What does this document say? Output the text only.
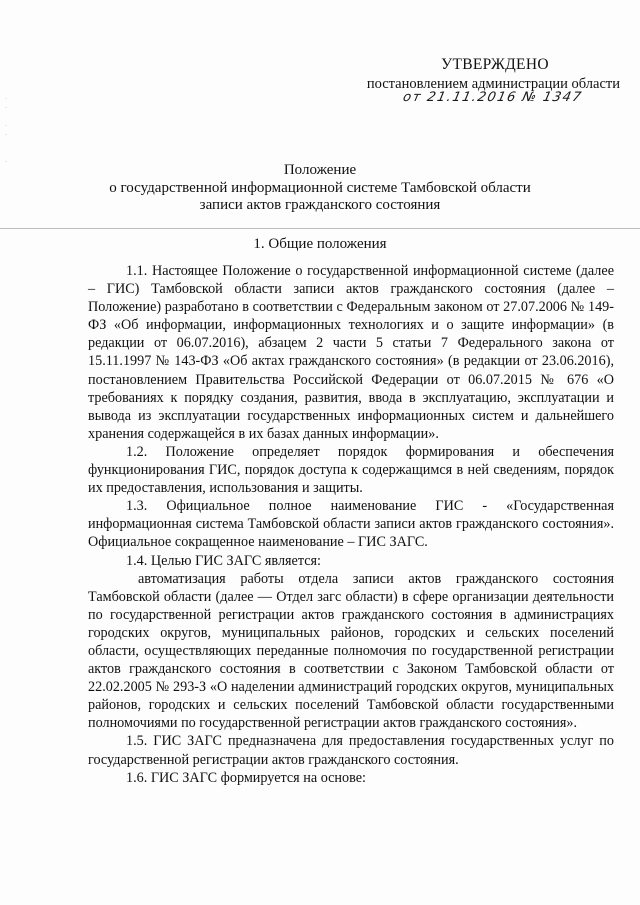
·
·

·
·

·
УТВЕРЖДЕНО
постановлением администрации области
от 21.11.2016 № 1347
Положение
о государственной информационной системе Тамбовской области
записи актов гражданского состояния
1. Общие положения

1.1. Настоящее Положение о государственной информационной системе (далее – ГИС) Тамбовской области записи актов гражданского состояния (далее – Положение) разработано в соответствии с Федеральным законом от 27.07.2006 № 149-ФЗ «Об информации, информационных технологиях и о защите информации» (в редакции от 06.07.2016), абзацем 2 части 5 статьи 7 Федерального закона от 15.11.1997 № 143-ФЗ «Об актах гражданского состояния» (в редакции от 23.06.2016), постановлением Правительства Российской Федерации от 06.07.2015 № 676 «О требованиях к порядку создания, развития, ввода в эксплуатацию, эксплуатации и вывода из эксплуатации государственных информационных систем и дальнейшего хранения содержащейся в их базах данных информации».

1.2. Положение определяет порядок формирования и обеспечения функционирования ГИС, порядок доступа к содержащимся в ней сведениям, порядок их предоставления, использования и защиты.

1.3. Официальное полное наименование ГИС - «Государственная информационная система Тамбовской области записи актов гражданского состояния». Официальное сокращенное наименование – ГИС ЗАГС.

1.4. Целью ГИС ЗАГС является:

автоматизация работы отдела записи актов гражданского состояния Тамбовской области (далее — Отдел загс области) в сфере организации деятельности по государственной регистрации актов гражданского состояния в администрациях городских округов, муниципальных районов, городских и сельских поселений области, осуществляющих переданные полномочия по государственной регистрации актов гражданского состояния в соответствии с Законом Тамбовской области от 22.02.2005 № 293-З «О наделении администраций городских округов, муниципальных районов, городских и сельских поселений Тамбовской области государственными полномочиями по государственной регистрации актов гражданского состояния».

1.5. ГИС ЗАГС предназначена для предоставления государственных услуг по государственной регистрации актов гражданского состояния.

1.6. ГИС ЗАГС формируется на основе:
